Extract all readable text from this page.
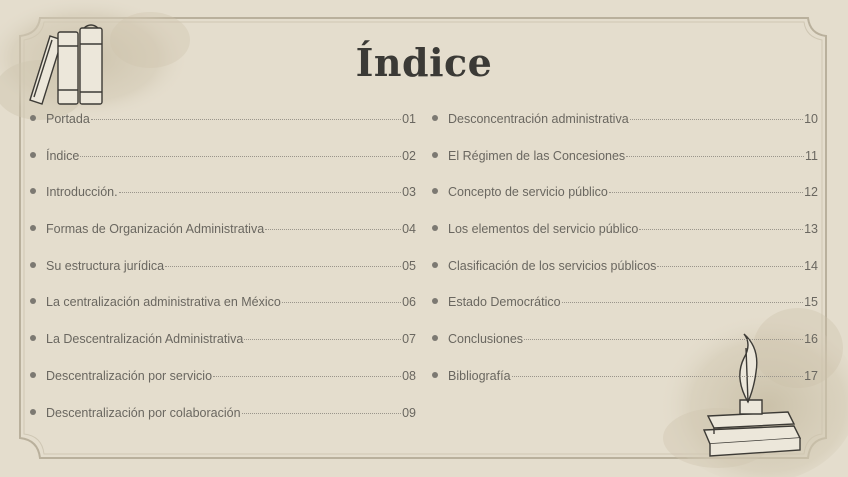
Índice
Portada	01
Índice	02
Introducción.	03
Formas de Organización Administrativa	04
Su estructura jurídica	05
La centralización administrativa en México	06
La Descentralización Administrativa	07
Descentralización por servicio	08
Descentralización por colaboración	09
Desconcentración administrativa	10
El Régimen de las Concesiones	11
Concepto de servicio público	12
Los elementos del servicio público	13
Clasificación de los servicios públicos	14
Estado Democrático	15
Conclusiones	16
Bibliografía	17
